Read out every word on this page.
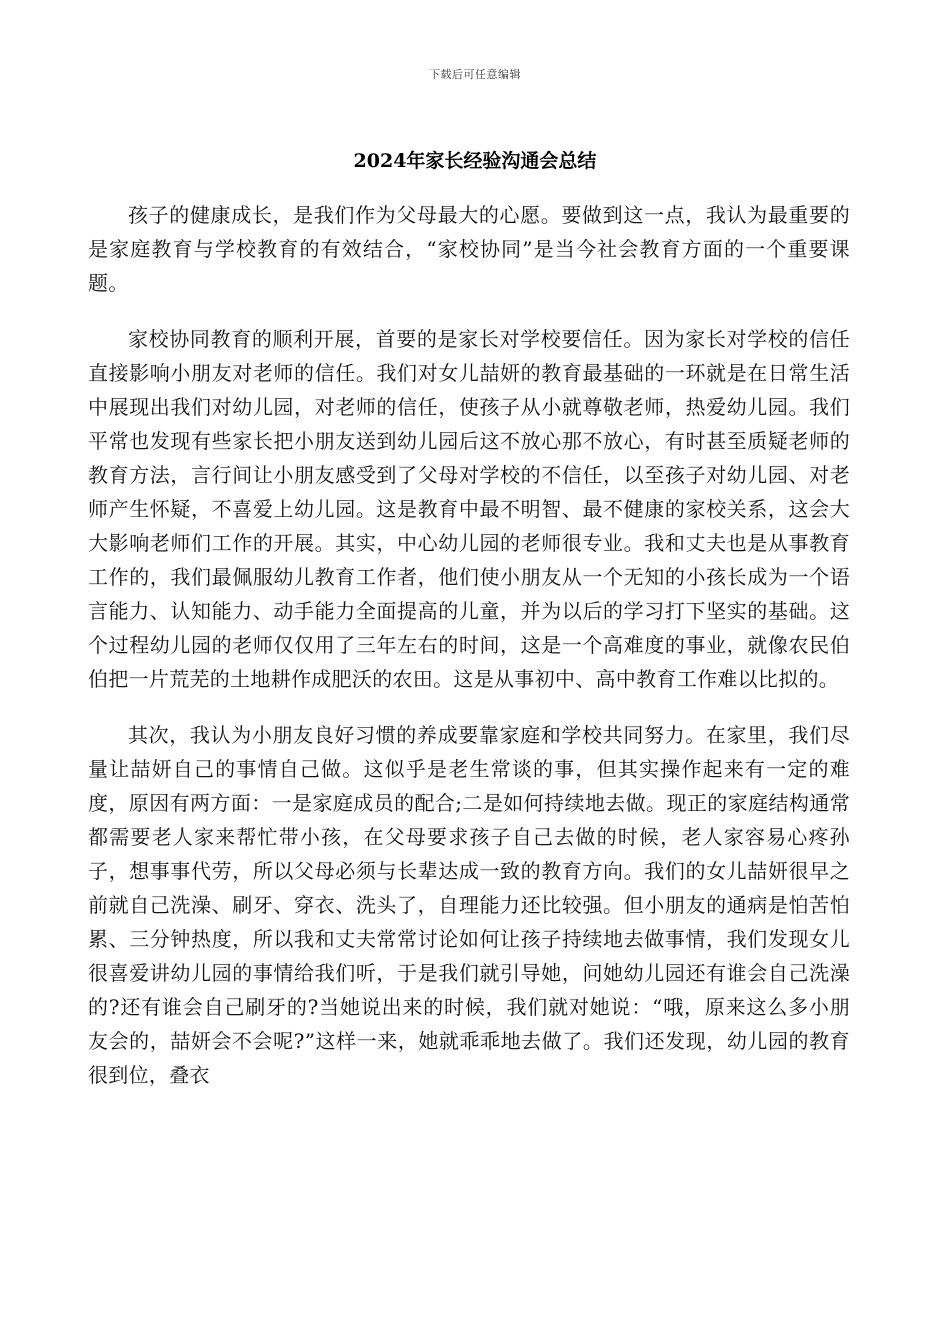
下载后可任意编辑
2024年家长经验沟通会总结

孩子的健康成长，是我们作为父母最大的心愿。要做到这一点，我认为最重要的是家庭教育与学校教育的有效结合，“家校协同”是当今社会教育方面的一个重要课题。

家校协同教育的顺利开展，首要的是家长对学校要信任。因为家长对学校的信任直接影响小朋友对老师的信任。我们对女儿喆妍的教育最基础的一环就是在日常生活中展现出我们对幼儿园，对老师的信任，使孩子从小就尊敬老师，热爱幼儿园。我们平常也发现有些家长把小朋友送到幼儿园后这不放心那不放心，有时甚至质疑老师的教育方法，言行间让小朋友感受到了父母对学校的不信任，以至孩子对幼儿园、对老师产生怀疑，不喜爱上幼儿园。这是教育中最不明智、最不健康的家校关系，这会大大影响老师们工作的开展。其实，中心幼儿园的老师很专业。我和丈夫也是从事教育工作的，我们最佩服幼儿教育工作者，他们使小朋友从一个无知的小孩长成为一个语言能力、认知能力、动手能力全面提高的儿童，并为以后的学习打下坚实的基础。这个过程幼儿园的老师仅仅用了三年左右的时间，这是一个高难度的事业，就像农民伯伯把一片荒芜的土地耕作成肥沃的农田。这是从事初中、高中教育工作难以比拟的。

其次，我认为小朋友良好习惯的养成要靠家庭和学校共同努力。在家里，我们尽量让喆妍自己的事情自己做。这似乎是老生常谈的事，但其实操作起来有一定的难度，原因有两方面：一是家庭成员的配合;二是如何持续地去做。现正的家庭结构通常都需要老人家来帮忙带小孩，在父母要求孩子自己去做的时候，老人家容易心疼孙子，想事事代劳，所以父母必须与长辈达成一致的教育方向。我们的女儿喆妍很早之前就自己洗澡、刷牙、穿衣、洗头了，自理能力还比较强。但小朋友的通病是怕苦怕累、三分钟热度，所以我和丈夫常常讨论如何让孩子持续地去做事情，我们发现女儿很喜爱讲幼儿园的事情给我们听，于是我们就引导她，问她幼儿园还有谁会自己洗澡的?还有谁会自己刷牙的?当她说出来的时候，我们就对她说：“哦，原来这么多小朋友会的，喆妍会不会呢?”这样一来，她就乖乖地去做了。我们还发现，幼儿园的教育很到位，叠衣
